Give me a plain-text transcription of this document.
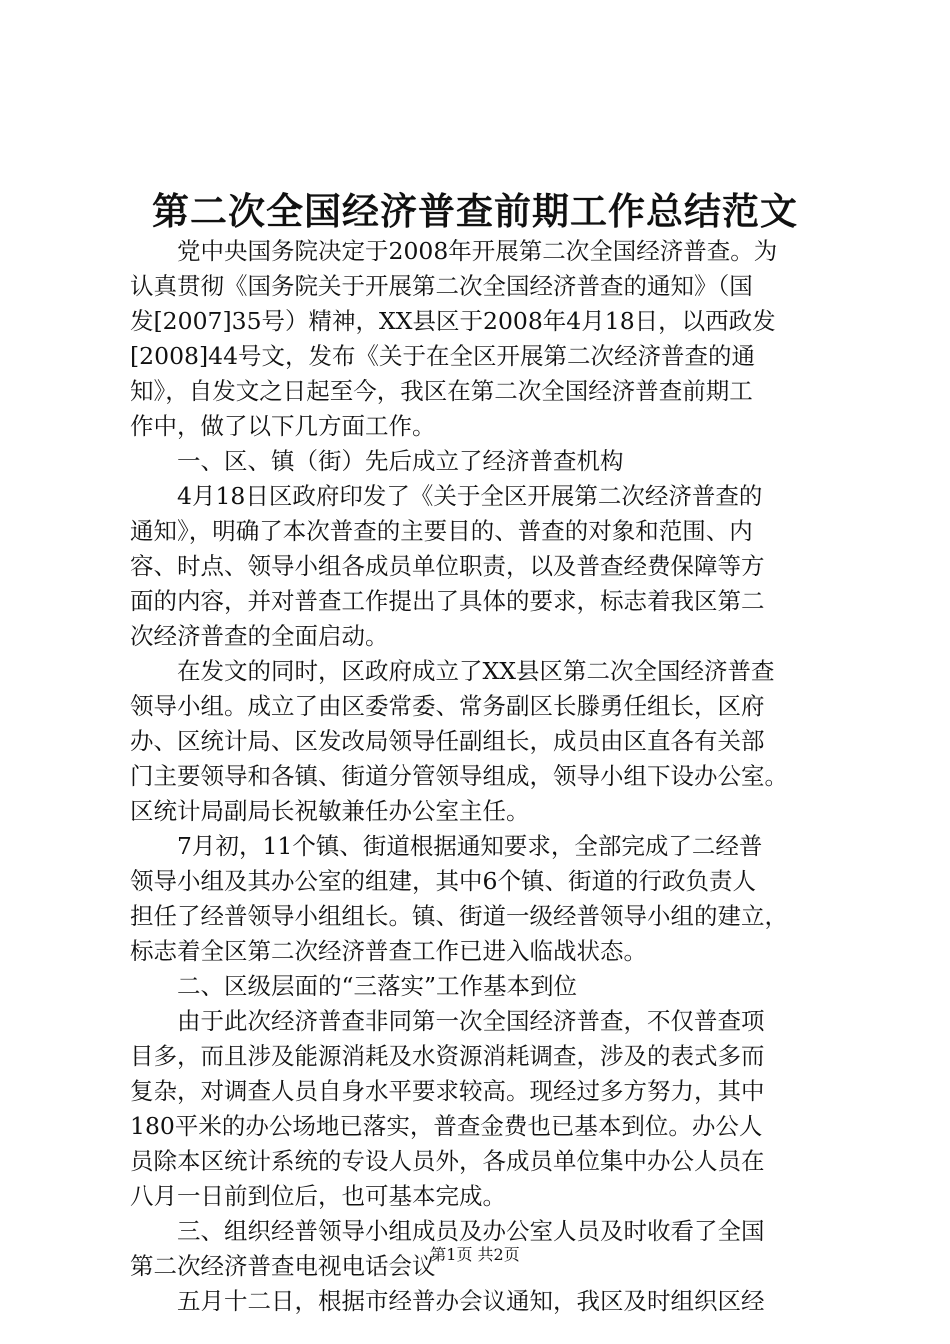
第二次全国经济普查前期工作总结范文
　　党中央国务院决定于2008年开展第二次全国经济普查。为
认真贯彻《国务院关于开展第二次全国经济普查的通知》（国
发[2007]35号）精神，XX县区于2008年4月18日，以西政发
[2008]44号文，发布《关于在全区开展第二次经济普查的通
知》，自发文之日起至今，我区在第二次全国经济普查前期工
作中，做了以下几方面工作。
　　一、区、镇（街）先后成立了经济普查机构
　　4月18日区政府印发了《关于全区开展第二次经济普查的
通知》，明确了本次普查的主要目的、普查的对象和范围、内
容、时点、领导小组各成员单位职责，以及普查经费保障等方
面的内容，并对普查工作提出了具体的要求，标志着我区第二
次经济普查的全面启动。
　　在发文的同时，区政府成立了XX县区第二次全国经济普查
领导小组。成立了由区委常委、常务副区长滕勇任组长，区府
办、区统计局、区发改局领导任副组长，成员由区直各有关部
门主要领导和各镇、街道分管领导组成，领导小组下设办公室。
区统计局副局长祝敏兼任办公室主任。
　　7月初，11个镇、街道根据通知要求，全部完成了二经普
领导小组及其办公室的组建，其中6个镇、街道的行政负责人
担任了经普领导小组组长。镇、街道一级经普领导小组的建立，
标志着全区第二次经济普查工作已进入临战状态。
　　二、区级层面的“三落实”工作基本到位
　　由于此次经济普查非同第一次全国经济普查，不仅普查项
目多，而且涉及能源消耗及水资源消耗调查，涉及的表式多而
复杂，对调查人员自身水平要求较高。现经过多方努力，其中
180平米的办公场地已落实，普查金费也已基本到位。办公人
员除本区统计系统的专设人员外，各成员单位集中办公人员在
八月一日前到位后，也可基本完成。
　　三、组织经普领导小组成员及办公室人员及时收看了全国
第二次经济普查电视电话会议
　　五月十二日，根据市经普办会议通知，我区及时组织区经
第1页 共2页
